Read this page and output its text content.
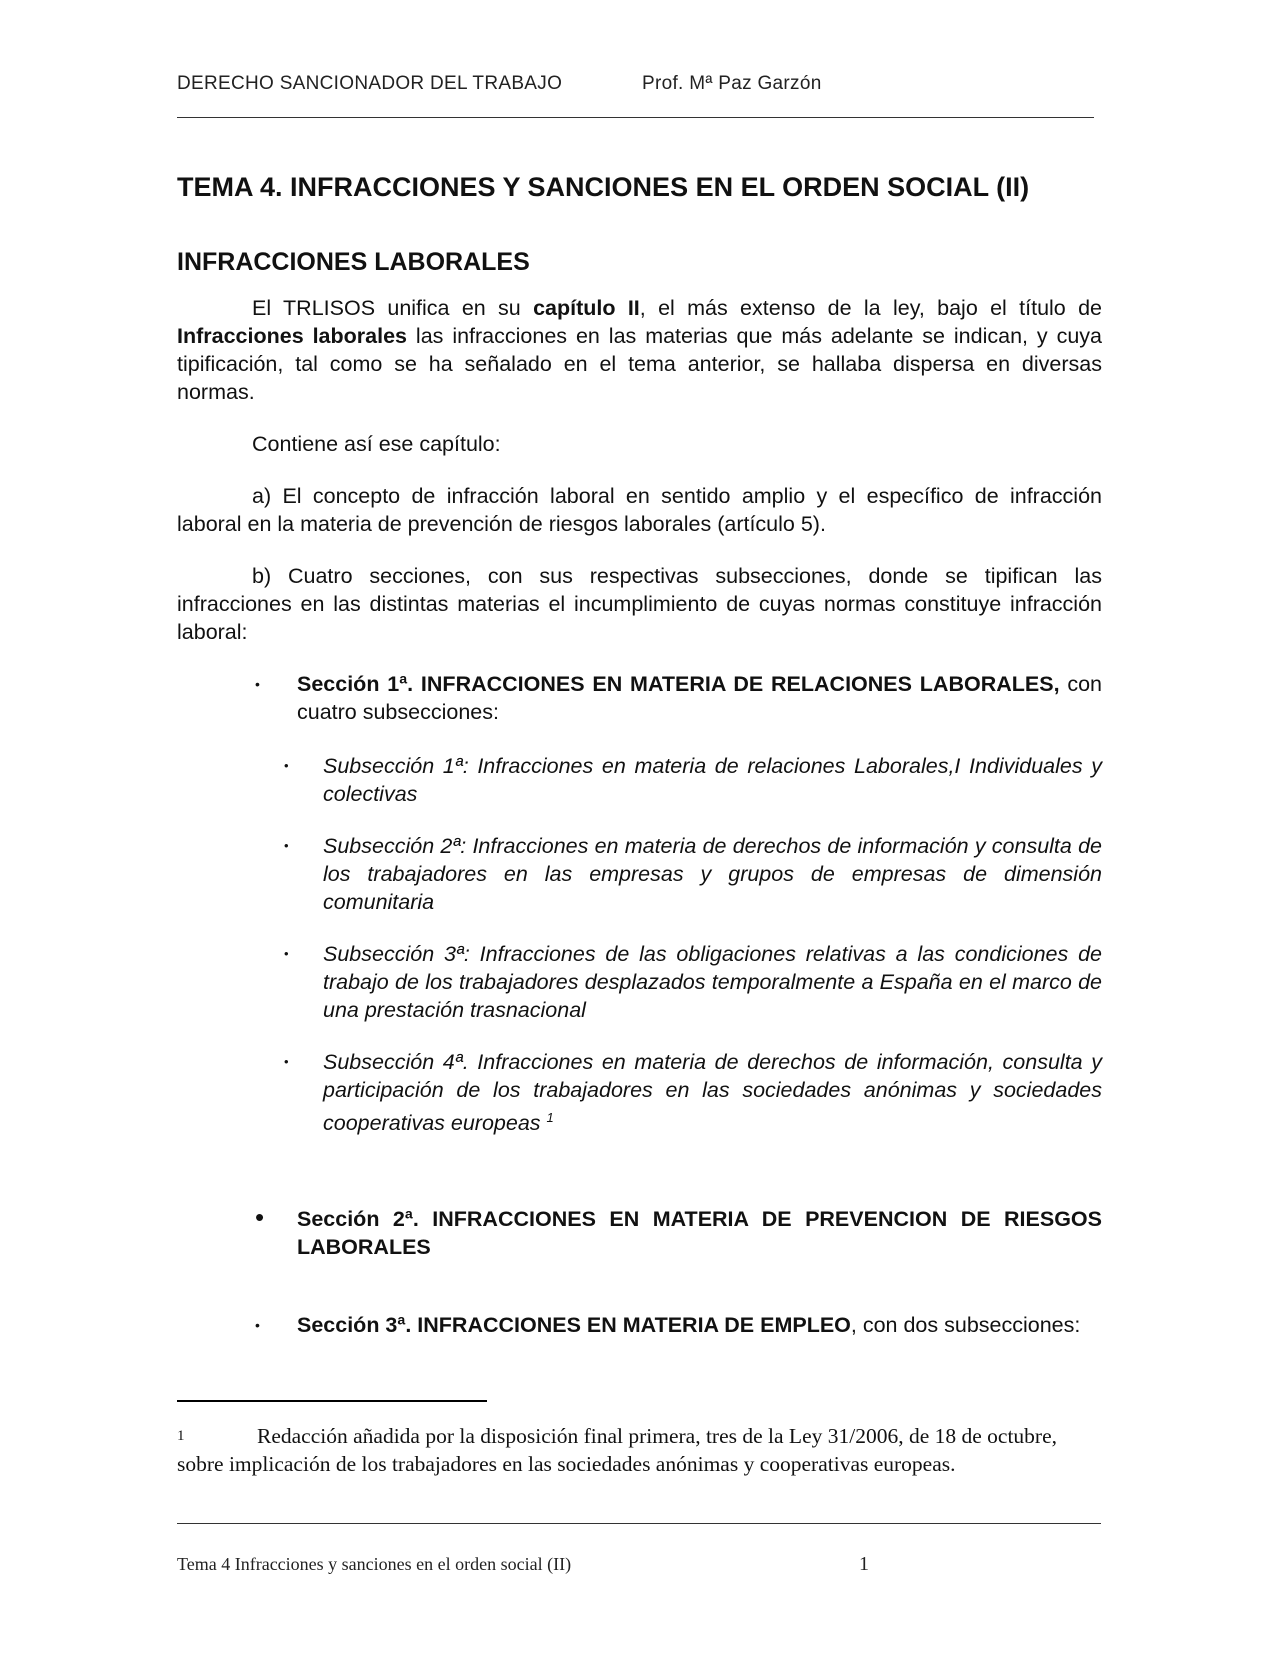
DERECHO SANCIONADOR DEL TRABAJO	Prof. Mª Paz Garzón
TEMA 4. INFRACCIONES Y SANCIONES EN EL ORDEN SOCIAL (II)
INFRACCIONES LABORALES

El TRLISOS unifica en su capítulo II, el más extenso de la ley, bajo el título de Infracciones laborales las infracciones en las materias que más adelante se indican, y cuya tipificación, tal como se ha señalado en el tema anterior, se hallaba dispersa en diversas normas.

Contiene así ese capítulo:

a) El concepto de infracción laboral en sentido amplio y el específico de infracción laboral en la materia de prevención de riesgos laborales (artículo 5).

b) Cuatro secciones, con sus respectivas subsecciones, donde se tipifican las infracciones en las distintas materias el incumplimiento de cuyas normas constituye infracción laboral:

• Sección 1ª. INFRACCIONES EN MATERIA DE RELACIONES LABORALES, con cuatro subsecciones:
• Subsección 1ª: Infracciones en materia de relaciones Laborales,I Individuales y colectivas
• Subsección 2ª: Infracciones en materia de derechos de información y consulta de los trabajadores en las empresas y grupos de empresas de dimensión comunitaria
• Subsección 3ª: Infracciones de las obligaciones relativas a las condiciones de trabajo de los trabajadores desplazados temporalmente a España en el marco de una prestación trasnacional
• Subsección 4ª. Infracciones en materia de derechos de información, consulta y participación de los trabajadores en las sociedades anónimas y sociedades cooperativas europeas $^1$
• Sección 2ª. INFRACCIONES EN MATERIA DE PREVENCION DE RIESGOS LABORALES
• Sección 3ª. INFRACCIONES EN MATERIA DE EMPLEO, con dos subsecciones:
1	Redacción añadida por la disposición final primera, tres de la Ley 31/2006, de 18 de octubre, sobre implicación de los trabajadores en las sociedades anónimas y cooperativas europeas.
Tema 4 Infracciones y sanciones en el orden social (II)	1
